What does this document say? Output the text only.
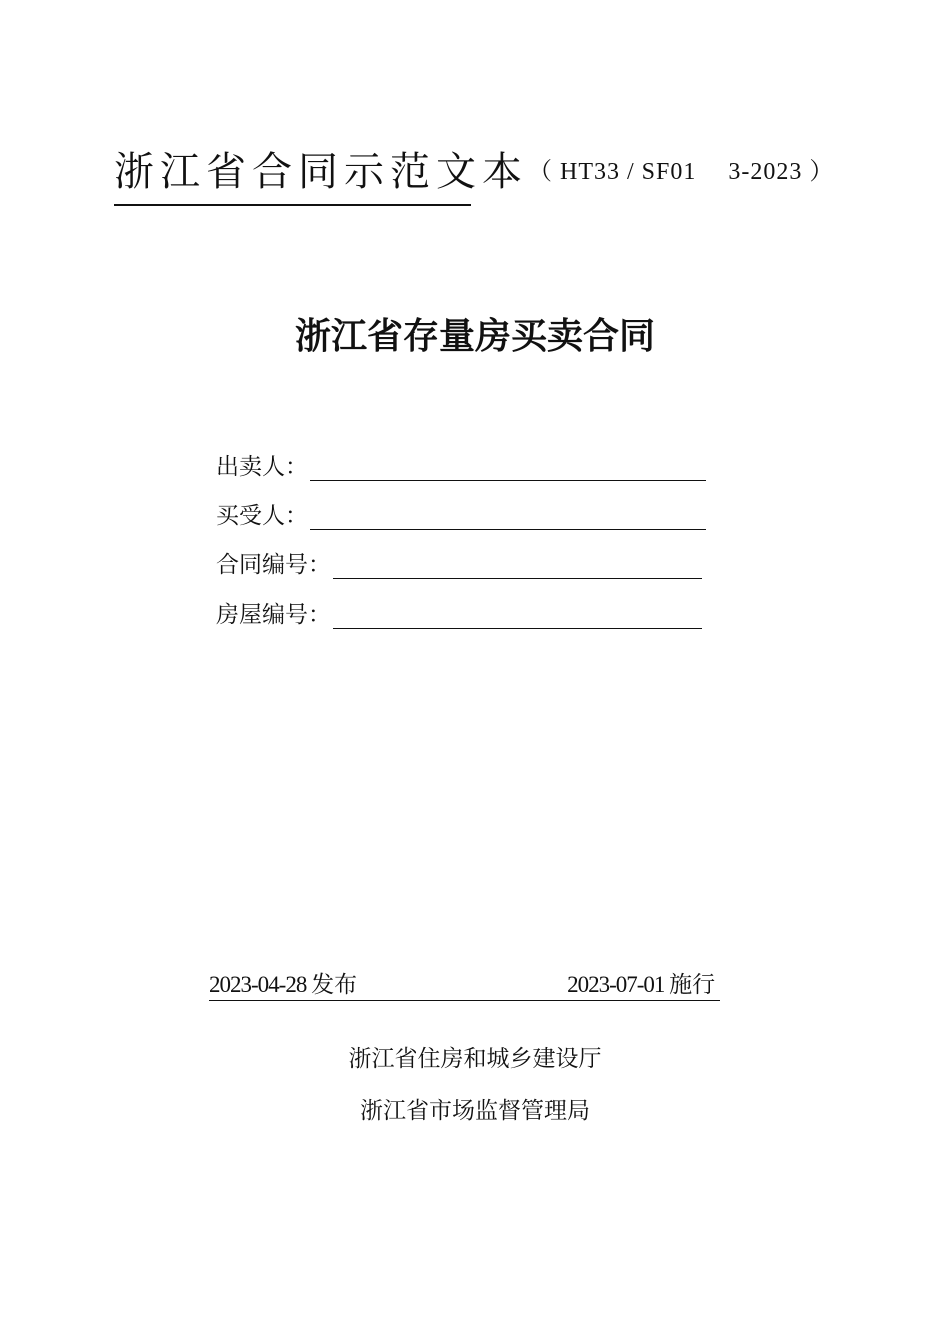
浙江省合同示范文本（ HT33 / SF01　 3-2023 ）
浙江省存量房买卖合同
出卖人：
买受人：
合同编号：
房屋编号：
2023-04-28 发布	2023-07-01 施行
浙江省住房和城乡建设厅
浙江省市场监督管理局
